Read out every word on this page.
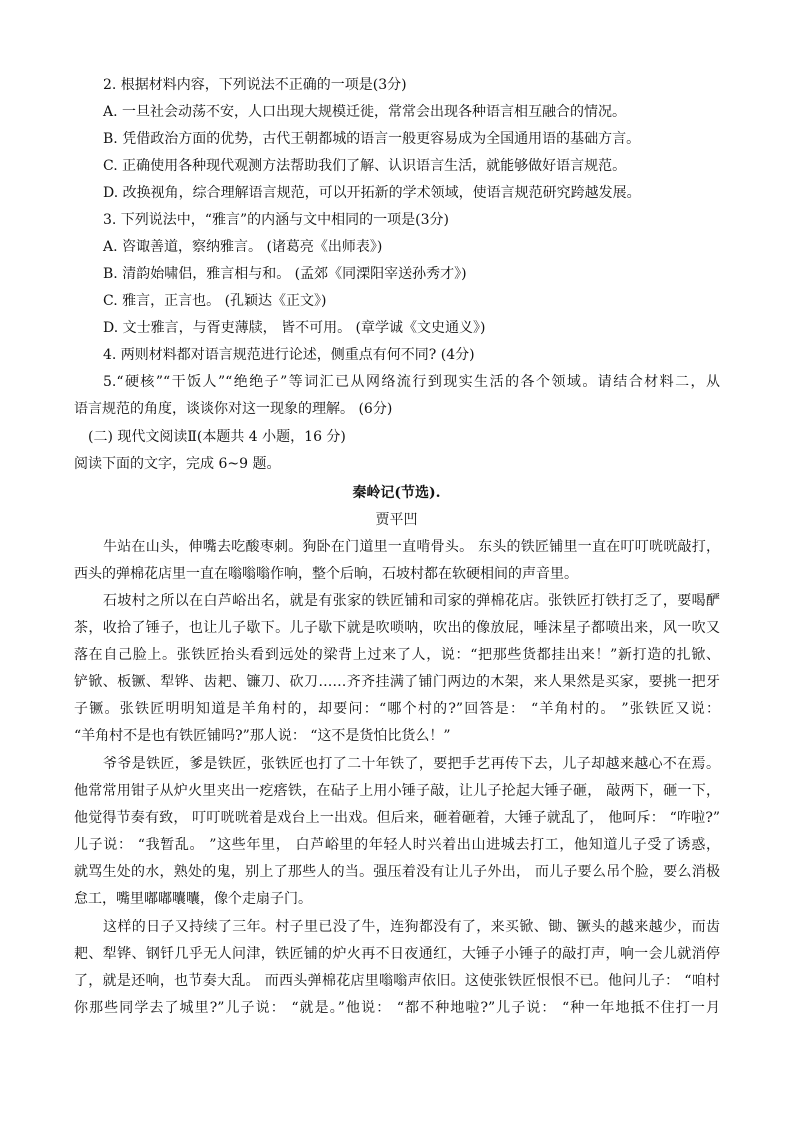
2. 根据材料内容，下列说法不正确的一项是(3分)
A. 一旦社会动荡不安，人口出现大规模迁徙，常常会出现各种语言相互融合的情况。
B. 凭借政治方面的优势，古代王朝都城的语言一般更容易成为全国通用语的基础方言。
C. 正确使用各种现代观测方法帮助我们了解、认识语言生活，就能够做好语言规范。
D. 改换视角，综合理解语言规范，可以开拓新的学术领域，使语言规范研究跨越发展。
3. 下列说法中，“雅言”的内涵与文中相同的一项是(3分)
A. 咨诹善道，察纳雅言。 (诸葛亮《出师表》)
B. 清韵始啸侣，雅言相与和。 (孟郊《同溧阳宰送孙秀才》)
C. 雅言，正言也。 (孔颖达《正文》)
D. 文士雅言，与胥吏薄牍， 皆不可用。 (章学诚《文史通义》)
4. 两则材料都对语言规范进行论述，侧重点有何不同? (4分)
5.“硬核”“干饭人”“绝绝子”等词汇已从网络流行到现实生活的各个领域。请结合材料二，从
语言规范的角度，谈谈你对这一现象的理解。 (6分)
(二) 现代文阅读Ⅱ(本题共 4 小题，16 分)
阅读下面的文字，完成 6~9 题。
秦岭记(节选).
贾平凹
牛站在山头，伸嘴去吃酸枣刺。狗卧在门道里一直啃骨头。 东头的铁匠铺里一直在叮叮咣咣敲打，
西头的弹棉花店里一直在嗡嗡嗡作响，整个后晌，石坡村都在软硬相间的声音里。
石坡村之所以在白芦峪出名，就是有张家的铁匠铺和司家的弹棉花店。张铁匠打铁打乏了，要喝酽
茶，收拾了锤子，也让儿子歇下。儿子歇下就是吹唢呐，吹出的像放屁，唾沫星子都喷出来，风一吹又
落在自己脸上。张铁匠抬头看到远处的梁背上过来了人，说：“把那些货都挂出来！”新打造的扎锨、
铲锨、板镢、犁铧、齿耙、镰刀、砍刀……齐齐挂满了铺门两边的木架，来人果然是买家，要挑一把牙
子镢。张铁匠明明知道是羊角村的，却要问：“哪个村的?”回答是： “羊角村的。 ”张铁匠又说：
“羊角村不是也有铁匠铺吗?”那人说： “这不是货怕比货么！”
爷爷是铁匠，爹是铁匠，张铁匠也打了二十年铁了，要把手艺再传下去，儿子却越来越心不在焉。
他常常用钳子从炉火里夹出一疙瘩铁，在砧子上用小锤子敲，让儿子抡起大锤子砸， 敲两下，砸一下，
他觉得节奏有致， 叮叮咣咣着是戏台上一出戏。但后来，砸着砸着，大锤子就乱了， 他呵斥： “咋啦?”
儿子说： “我暂乱。 ”这些年里， 白芦峪里的年轻人时兴着出山进城去打工，他知道儿子受了诱惑，
就骂生处的水，熟处的鬼，别上了那些人的当。强压着没有让儿子外出， 而儿子要么吊个脸，要么消极
怠工，嘴里嘟嘟囔囔，像个走扇子门。
这样的日子又持续了三年。村子里已没了牛，连狗都没有了，来买锨、锄、镢头的越来越少，而齿
耙、犁铧、钢钎几乎无人问津，铁匠铺的炉火再不日夜通红，大锤子小锤子的敲打声，响一会儿就消停
了，就是还响，也节奏大乱。 而西头弹棉花店里嗡嗡声依旧。这使张铁匠恨恨不已。他问儿子： “咱村
你那些同学去了城里?”儿子说： “就是。”他说： “都不种地啦?”儿子说： “种一年地抵不住打一月
